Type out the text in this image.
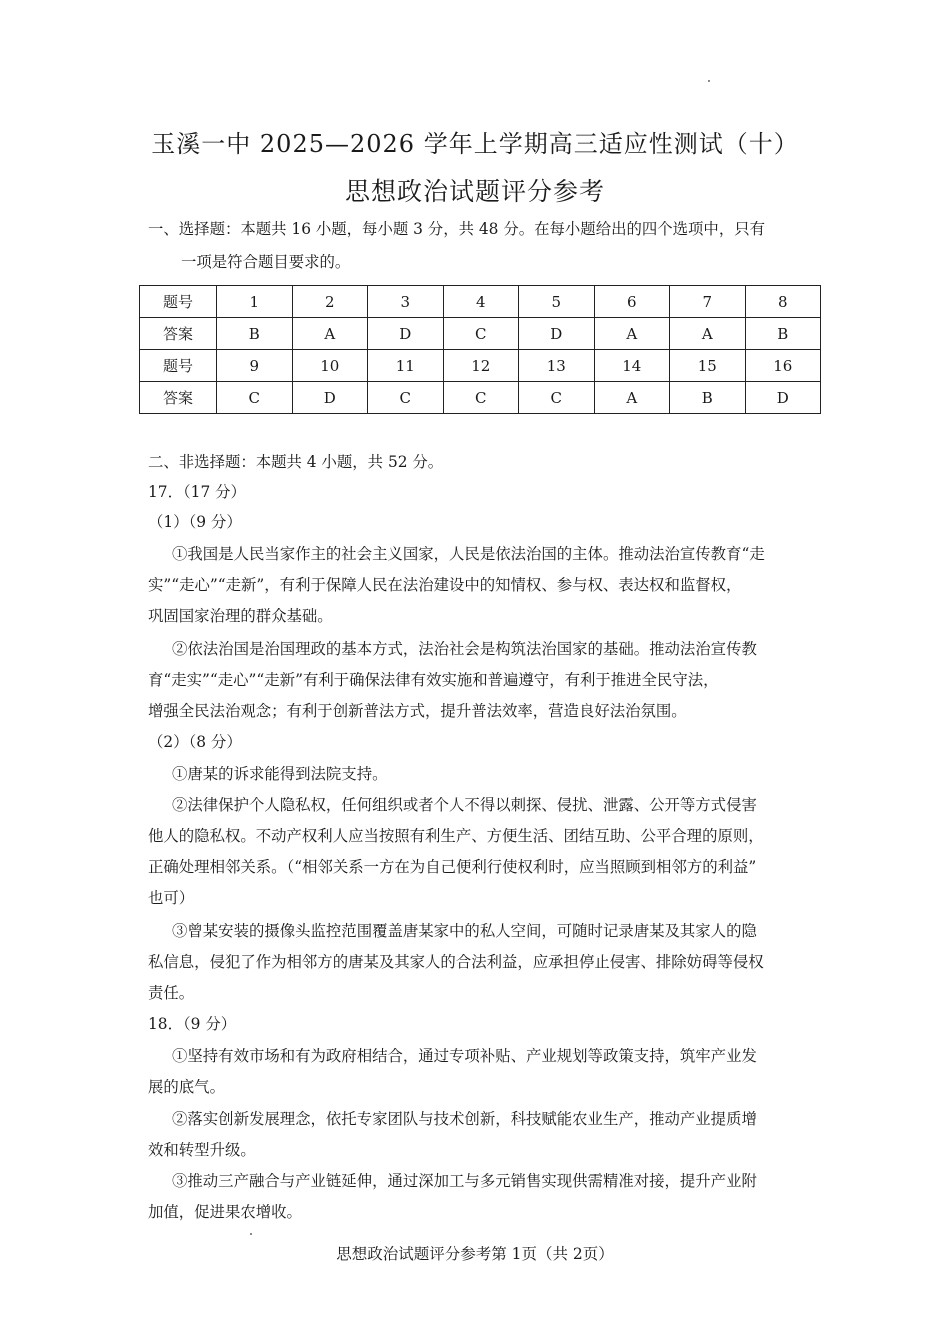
玉溪一中 2025—2026 学年上学期高三适应性测试（十）
思想政治试题评分参考
一、选择题：本题共 16 小题，每小题 3 分，共 48 分。在每小题给出的四个选项中，只有
一项是符合题目要求的。
题号	1	2	3	4	5	6	7	8
答案	B	A	D	C	D	A	A	B
题号	9	10	11	12	13	14	15	16
答案	C	D	C	C	C	A	B	D
二、非选择题：本题共 4 小题，共 52 分。
17．（17 分）
（1）（9 分）
①我国是人民当家作主的社会主义国家，人民是依法治国的主体。推动法治宣传教育“走
实”“走心”“走新”，有利于保障人民在法治建设中的知情权、参与权、表达权和监督权，
巩固国家治理的群众基础。
②依法治国是治国理政的基本方式，法治社会是构筑法治国家的基础。推动法治宣传教
育“走实”“走心”“走新”有利于确保法律有效实施和普遍遵守，有利于推进全民守法，
增强全民法治观念；有利于创新普法方式，提升普法效率，营造良好法治氛围。
（2）（8 分）
①唐某的诉求能得到法院支持。
②法律保护个人隐私权，任何组织或者个人不得以刺探、侵扰、泄露、公开等方式侵害
他人的隐私权。不动产权利人应当按照有利生产、方便生活、团结互助、公平合理的原则，
正确处理相邻关系。（“相邻关系一方在为自己便利行使权利时，应当照顾到相邻方的利益”
也可）
③曾某安装的摄像头监控范围覆盖唐某家中的私人空间，可随时记录唐某及其家人的隐
私信息，侵犯了作为相邻方的唐某及其家人的合法利益，应承担停止侵害、排除妨碍等侵权
责任。
18．（9 分）
①坚持有效市场和有为政府相结合，通过专项补贴、产业规划等政策支持，筑牢产业发
展的底气。
②落实创新发展理念，依托专家团队与技术创新，科技赋能农业生产，推动产业提质增
效和转型升级。
③推动三产融合与产业链延伸，通过深加工与多元销售实现供需精准对接，提升产业附
加值，促进果农增收。
思想政治试题评分参考第 1页（共 2页）
